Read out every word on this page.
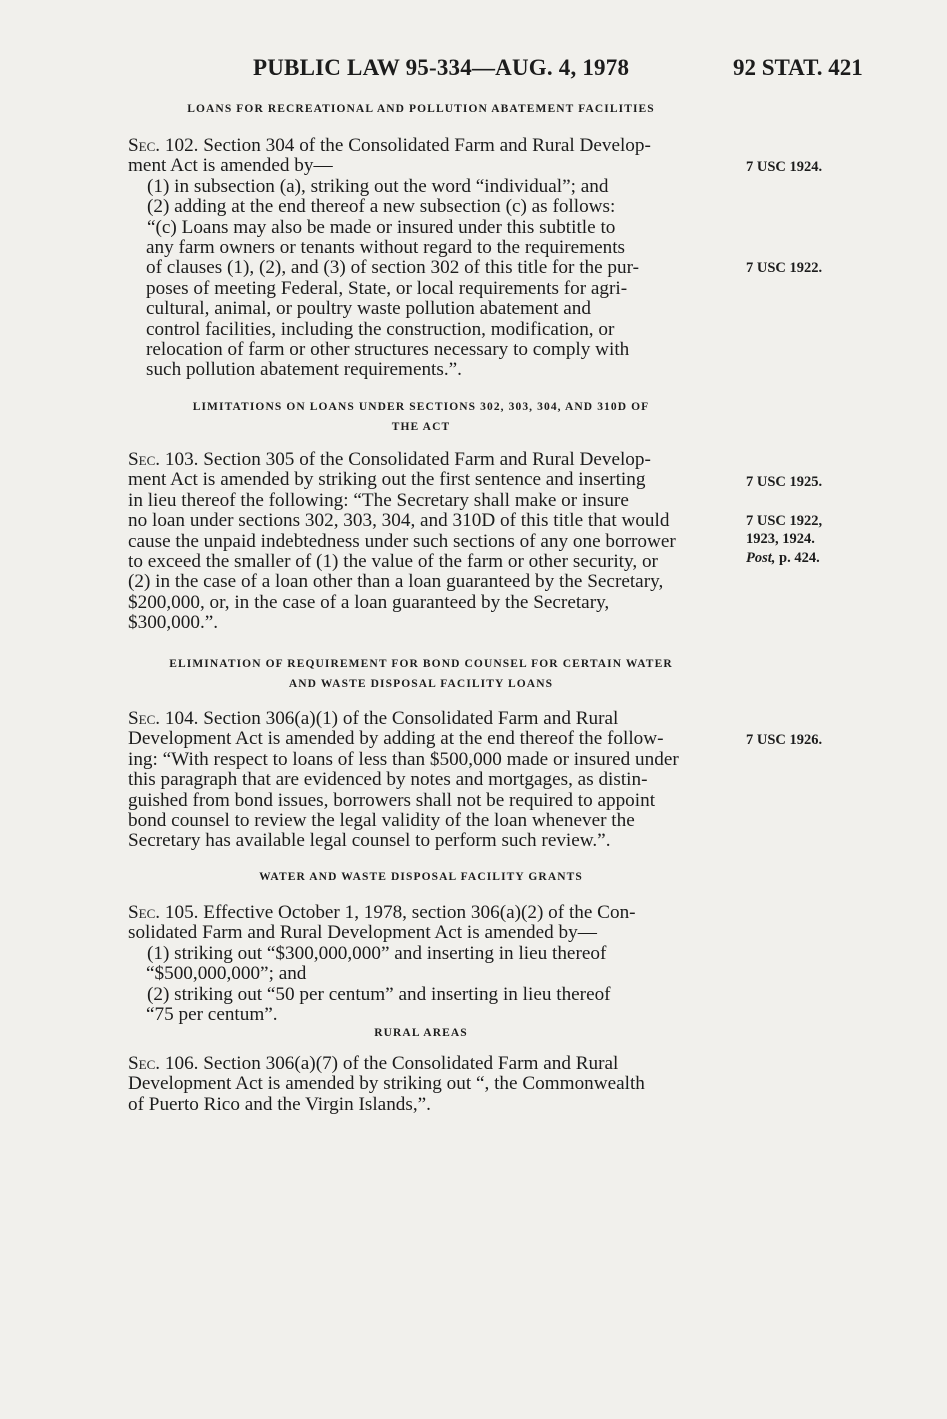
PUBLIC LAW 95-334—AUG. 4, 1978	92 STAT. 421
LOANS FOR RECREATIONAL AND POLLUTION ABATEMENT FACILITIES
Sec. 102. Section 304 of the Consolidated Farm and Rural Develop-
ment Act is amended by—
(1) in subsection (a), striking out the word “individual”; and
(2) adding at the end thereof a new subsection (c) as follows:
“(c) Loans may also be made or insured under this subtitle to
any farm owners or tenants without regard to the requirements
of clauses (1), (2), and (3) of section 302 of this title for the pur-
poses of meeting Federal, State, or local requirements for agri-
cultural, animal, or poultry waste pollution abatement and
control facilities, including the construction, modification, or
relocation of farm or other structures necessary to comply with
such pollution abatement requirements.”.
7 USC 1924.
7 USC 1922.
LIMITATIONS ON LOANS UNDER SECTIONS 302, 303, 304, AND 310D OF
THE ACT
Sec. 103. Section 305 of the Consolidated Farm and Rural Develop-
ment Act is amended by striking out the first sentence and inserting
in lieu thereof the following: “The Secretary shall make or insure
no loan under sections 302, 303, 304, and 310D of this title that would
cause the unpaid indebtedness under such sections of any one borrower
to exceed the smaller of (1) the value of the farm or other security, or
(2) in the case of a loan other than a loan guaranteed by the Secretary,
$200,000, or, in the case of a loan guaranteed by the Secretary,
$300,000.”.
7 USC 1925.
7 USC 1922,
1923, 1924.
Post, p. 424.
ELIMINATION OF REQUIREMENT FOR BOND COUNSEL FOR CERTAIN WATER
AND WASTE DISPOSAL FACILITY LOANS
Sec. 104. Section 306(a)(1) of the Consolidated Farm and Rural
Development Act is amended by adding at the end thereof the follow-
ing: “With respect to loans of less than $500,000 made or insured under
this paragraph that are evidenced by notes and mortgages, as distin-
guished from bond issues, borrowers shall not be required to appoint
bond counsel to review the legal validity of the loan whenever the
Secretary has available legal counsel to perform such review.”.
7 USC 1926.
WATER AND WASTE DISPOSAL FACILITY GRANTS
Sec. 105. Effective October 1, 1978, section 306(a)(2) of the Con-
solidated Farm and Rural Development Act is amended by—
(1) striking out “$300,000,000” and inserting in lieu thereof
“$500,000,000”; and
(2) striking out “50 per centum” and inserting in lieu thereof
“75 per centum”.
RURAL AREAS
Sec. 106. Section 306(a)(7) of the Consolidated Farm and Rural
Development Act is amended by striking out “, the Commonwealth
of Puerto Rico and the Virgin Islands,”.
